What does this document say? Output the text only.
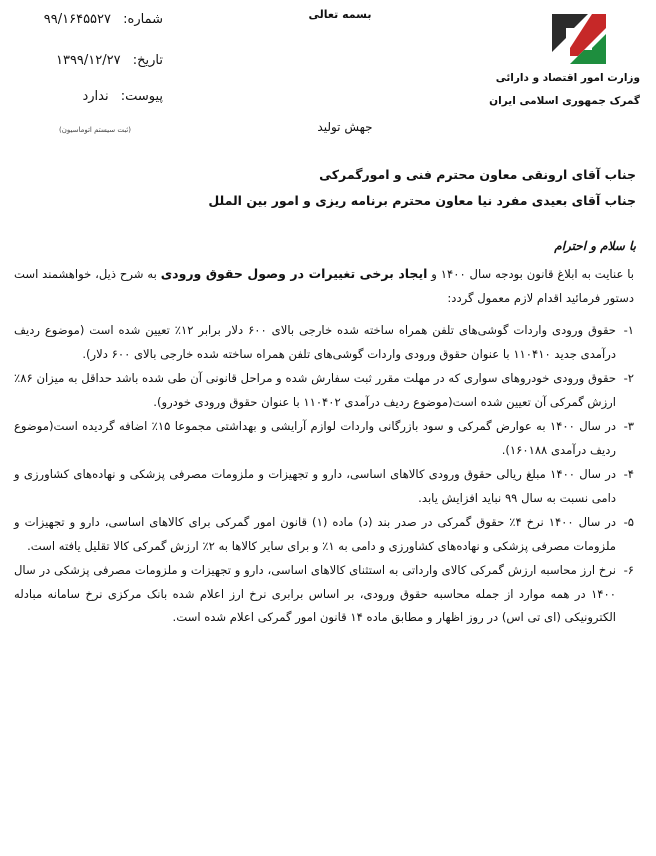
بسمه تعالی
وزارت امور اقتصاد و دارائی
گمرک جمهوری اسلامی ایران
شماره: ۹۹/۱۶۴۵۵۲۷
تاریخ: ۱۳۹۹/۱۲/۲۷
پیوست: ندارد
(ثبت سیستم اتوماسیون)	جهش تولید
جناب آقای ارونقی معاون محترم فنی و امورگمرکی
جناب آقای بعیدی مفرد نیا معاون محترم برنامه ریزی و امور بین الملل
با سلام و احترام
با عنایت به ابلاغ قانون بودجه سال ۱۴۰۰ و ایجاد برخی تغییرات در وصول حقوق ورودی به شرح ذیل، خواهشمند است دستور فرمائید اقدام لازم معمول گردد:
۱-
حقوق ورودی واردات گوشی‌های تلفن همراه ساخته شده خارجی بالای ۶۰۰ دلار برابر ۱۲٪ تعیین شده است (موضوع ردیف درآمدی جدید ۱۱۰۴۱۰ با عنوان حقوق ورودی واردات گوشی‌های تلفن همراه ساخته شده خارجی بالای ۶۰۰ دلار).
۲-
حقوق ورودی خودروهای سواری که در مهلت مقرر ثبت سفارش شده و مراحل قانونی آن طی شده باشد حداقل به میزان ۸۶٪ ارزش گمرکی آن تعیین شده است(موضوع ردیف درآمدی ۱۱۰۴۰۲ با عنوان حقوق ورودی خودرو).
۳-
در سال ۱۴۰۰ به عوارض گمرکی و سود بازرگانی واردات لوازم آرایشی و بهداشتی مجموعا ۱۵٪ اضافه گردیده است(موضوع ردیف درآمدی ۱۶۰۱۸۸).
۴-
در سال ۱۴۰۰ مبلغ ریالی حقوق ورودی کالاهای اساسی، دارو و تجهیزات و ملزومات مصرفی پزشکی و نهاده‌های کشاورزی و دامی نسبت به سال ۹۹ نباید افزایش یابد.
۵-
در سال ۱۴۰۰ نرخ ۴٪ حقوق گمرکی در صدر بند (د) ماده (۱) قانون امور گمرکی برای کالاهای اساسی، دارو و تجهیزات و ملزومات مصرفی پزشکی و نهاده‌های کشاورزی و دامی به ۱٪ و برای سایر کالاها به ۲٪ ارزش گمرکی کالا تقلیل یافته است.
۶-
نرخ ارز محاسبه ارزش گمرکی کالای وارداتی به استثنای کالاهای اساسی، دارو و تجهیزات و ملزومات مصرفی پزشکی در سال ۱۴۰۰ در همه موارد از جمله محاسبه حقوق ورودی، بر اساس برابری نرخ ارز اعلام شده بانک مرکزی نرخ سامانه مبادله الکترونیکی (ای تی اس) در روز اظهار و مطابق ماده ۱۴ قانون امور گمرکی اعلام شده است.
